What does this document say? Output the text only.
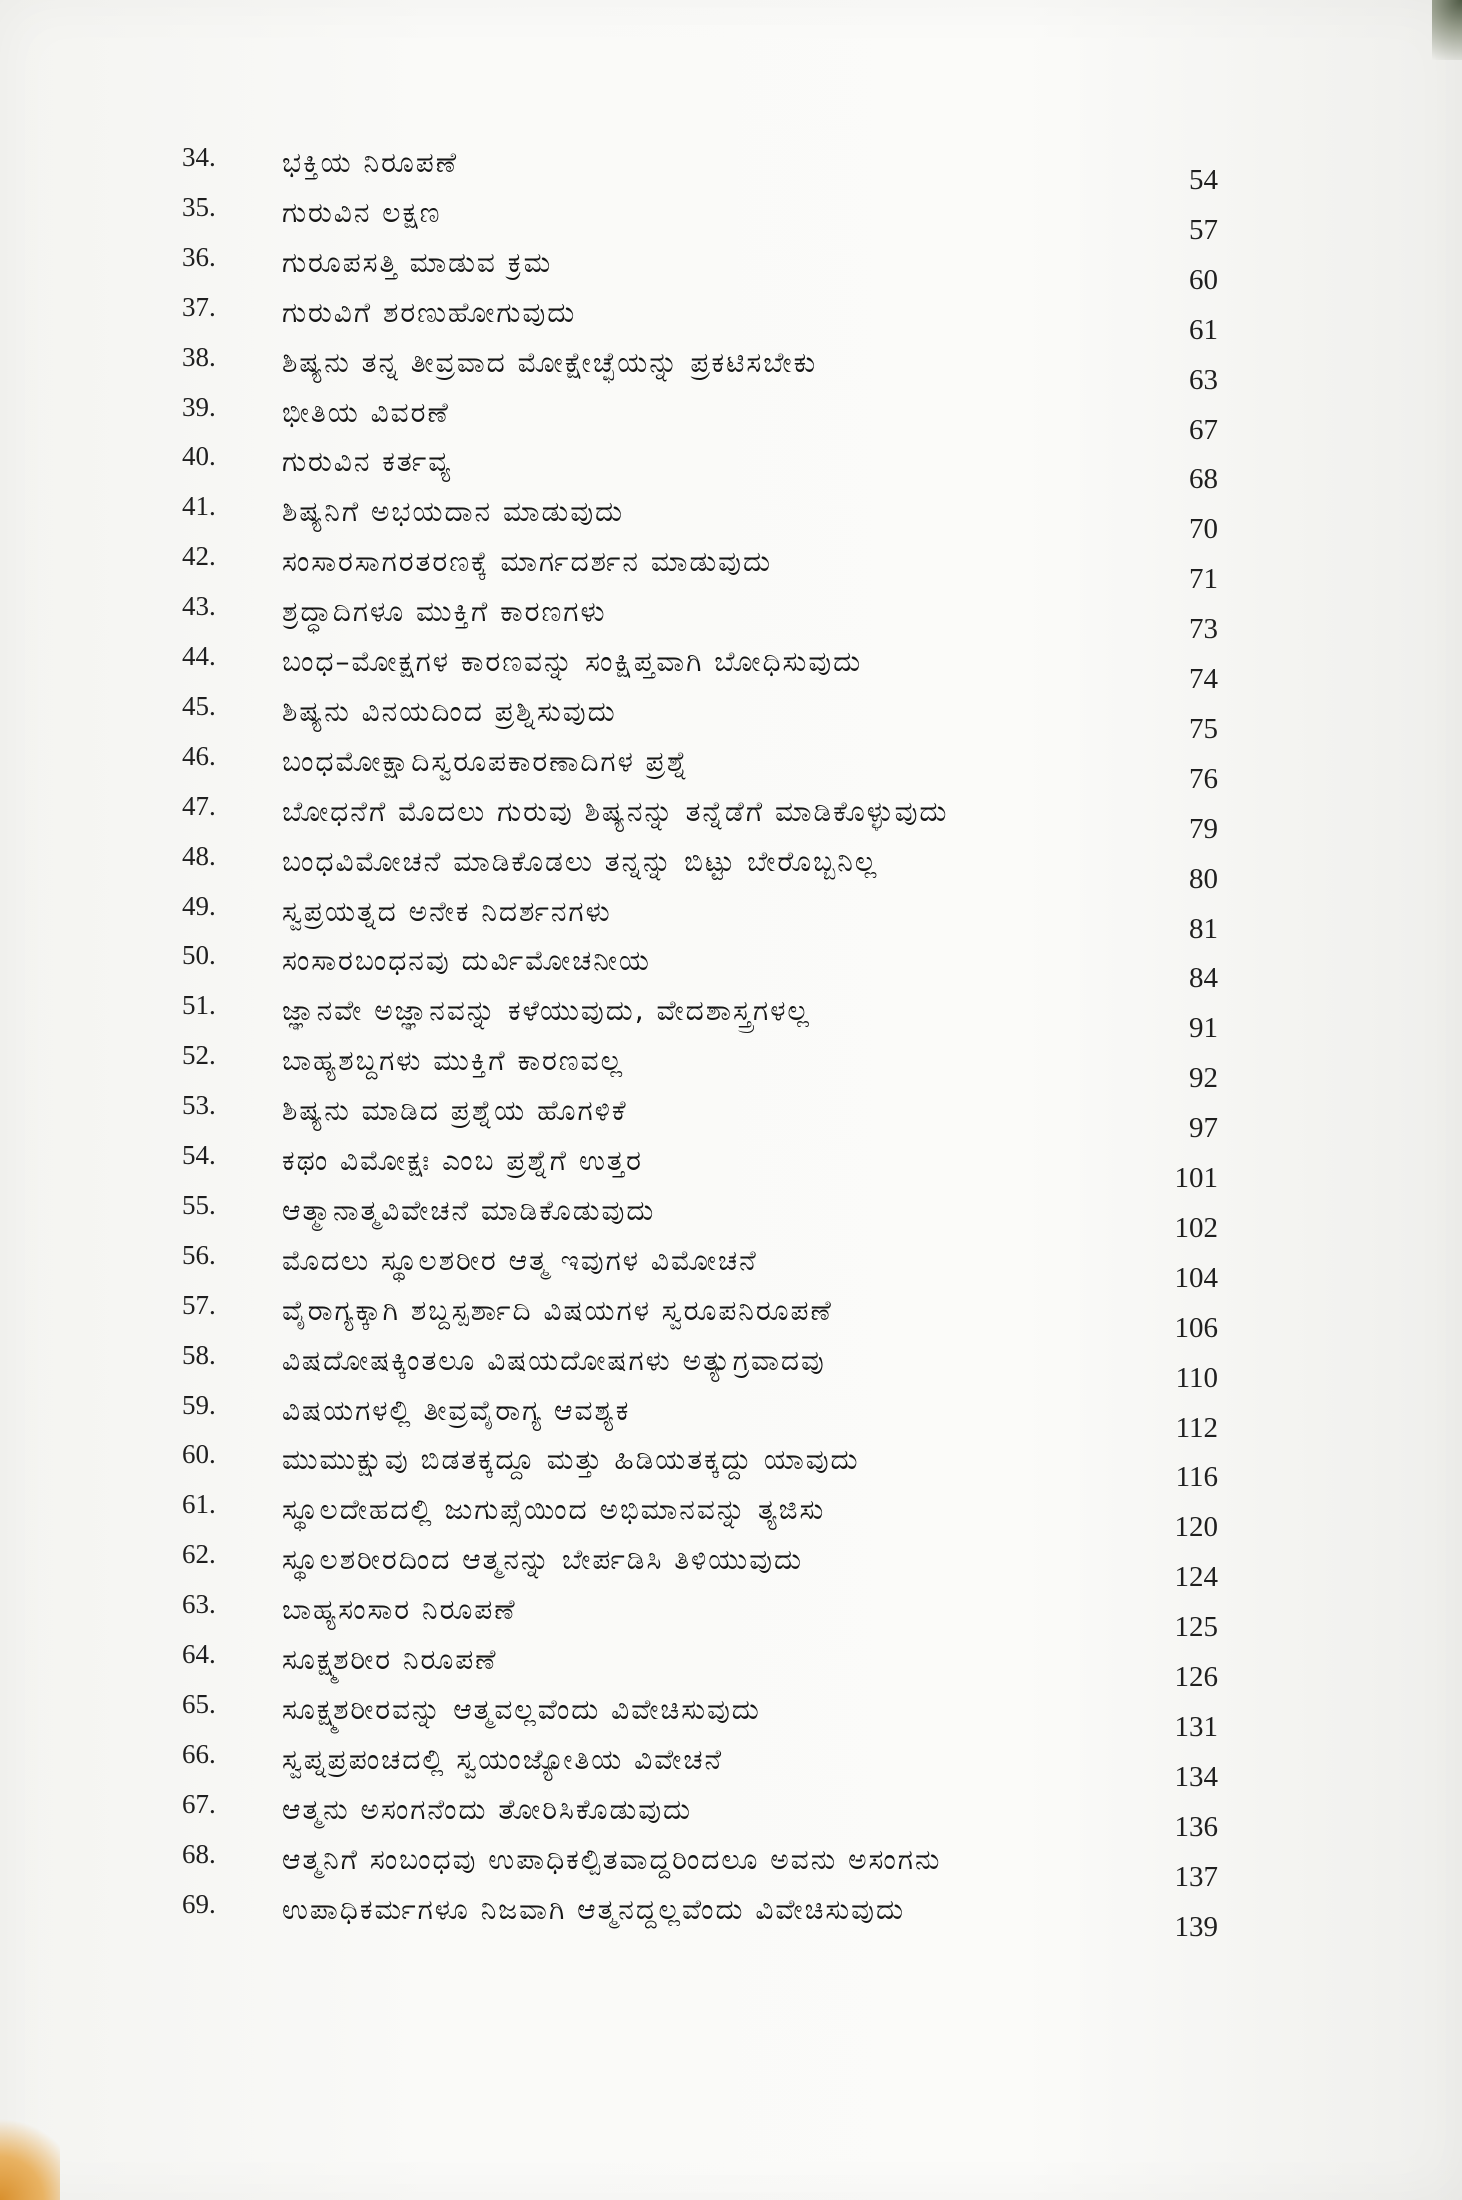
34. ಭಕ್ತಿಯ ನಿರೂಪಣೆ
54
35. ಗುರುವಿನ ಲಕ್ಷಣ
57
36. ಗುರೂಪಸತ್ತಿ ಮಾಡುವ ಕ್ರಮ
60
37. ಗುರುವಿಗೆ ಶರಣುಹೋಗುವುದು
61
38. ಶಿಷ್ಯನು ತನ್ನ ತೀವ್ರವಾದ ಮೋಕ್ಷೇಚ್ಛೆಯನ್ನು ಪ್ರಕಟಿಸಬೇಕು
63
39. ಭೀತಿಯ ವಿವರಣೆ
67
40. ಗುರುವಿನ ಕರ್ತವ್ಯ
68
41. ಶಿಷ್ಯನಿಗೆ ಅಭಯದಾನ ಮಾಡುವುದು
70
42. ಸಂಸಾರಸಾಗರತರಣಕ್ಕೆ ಮಾರ್ಗದರ್ಶನ ಮಾಡುವುದು
71
43. ಶ್ರದ್ಧಾದಿಗಳೂ ಮುಕ್ತಿಗೆ ಕಾರಣಗಳು
73
44. ಬಂಧ–ಮೋಕ್ಷಗಳ ಕಾರಣವನ್ನು ಸಂಕ್ಷಿಪ್ತವಾಗಿ ಬೋಧಿಸುವುದು
74
45. ಶಿಷ್ಯನು ವಿನಯದಿಂದ ಪ್ರಶ್ನಿಸುವುದು
75
46. ಬಂಧಮೋಕ್ಷಾದಿಸ್ವರೂಪಕಾರಣಾದಿಗಳ ಪ್ರಶ್ನೆ
76
47. ಬೋಧನೆಗೆ ಮೊದಲು ಗುರುವು ಶಿಷ್ಯನನ್ನು ತನ್ನೆಡೆಗೆ ಮಾಡಿಕೊಳ್ಳುವುದು
79
48. ಬಂಧವಿಮೋಚನೆ ಮಾಡಿಕೊಡಲು ತನ್ನನ್ನು ಬಿಟ್ಟು ಬೇರೊಬ್ಬನಿಲ್ಲ
80
49. ಸ್ವಪ್ರಯತ್ನದ ಅನೇಕ ನಿದರ್ಶನಗಳು
81
50. ಸಂಸಾರಬಂಧನವು ದುರ್ವಿಮೋಚನೀಯ
84
51. ಜ್ಞಾನವೇ ಅಜ್ಞಾನವನ್ನು ಕಳೆಯುವುದು, ವೇದಶಾಸ್ತ್ರಗಳಲ್ಲ
91
52. ಬಾಹ್ಯಶಬ್ದಗಳು ಮುಕ್ತಿಗೆ ಕಾರಣವಲ್ಲ
92
53. ಶಿಷ್ಯನು ಮಾಡಿದ ಪ್ರಶ್ನೆಯ ಹೊಗಳಿಕೆ
97
54. ಕಥಂ ವಿಮೋಕ್ಷಃ ಎಂಬ ಪ್ರಶ್ನೆಗೆ ಉತ್ತರ
101
55. ಆತ್ಮಾನಾತ್ಮವಿವೇಚನೆ ಮಾಡಿಕೊಡುವುದು
102
56. ಮೊದಲು ಸ್ಥೂಲಶರೀರ ಆತ್ಮ ಇವುಗಳ ವಿಮೋಚನೆ
104
57. ವೈರಾಗ್ಯಕ್ಕಾಗಿ ಶಬ್ದಸ್ಪರ್ಶಾದಿ ವಿಷಯಗಳ ಸ್ವರೂಪನಿರೂಪಣೆ
106
58. ವಿಷದೋಷಕ್ಕಿಂತಲೂ ವಿಷಯದೋಷಗಳು ಅತ್ಯುಗ್ರವಾದವು
110
59. ವಿಷಯಗಳಲ್ಲಿ ತೀವ್ರವೈರಾಗ್ಯ ಆವಶ್ಯಕ
112
60. ಮುಮುಕ್ಷುವು ಬಿಡತಕ್ಕದ್ದೂ ಮತ್ತು ಹಿಡಿಯತಕ್ಕದ್ದು ಯಾವುದು
116
61. ಸ್ಥೂಲದೇಹದಲ್ಲಿ ಜುಗುಪ್ಸೆಯಿಂದ ಅಭಿಮಾನವನ್ನು ತ್ಯಜಿಸು
120
62. ಸ್ಥೂಲಶರೀರದಿಂದ ಆತ್ಮನನ್ನು ಬೇರ್ಪಡಿಸಿ ತಿಳಿಯುವುದು
124
63. ಬಾಹ್ಯಸಂಸಾರ ನಿರೂಪಣೆ
125
64. ಸೂಕ್ಷ್ಮಶರೀರ ನಿರೂಪಣೆ
126
65. ಸೂಕ್ಷ್ಮಶರೀರವನ್ನು ಆತ್ಮವಲ್ಲವೆಂದು ವಿವೇಚಿಸುವುದು
131
66. ಸ್ವಪ್ನಪ್ರಪಂಚದಲ್ಲಿ ಸ್ವಯಂಜ್ಯೋತಿಯ ವಿವೇಚನೆ
134
67. ಆತ್ಮನು ಅಸಂಗನೆಂದು ತೋರಿಸಿಕೊಡುವುದು
136
68. ಆತ್ಮನಿಗೆ ಸಂಬಂಧವು ಉಪಾಧಿಕಲ್ಪಿತವಾದ್ದರಿಂದಲೂ ಅವನು ಅಸಂಗನು
137
69. ಉಪಾಧಿಕರ್ಮಗಳೂ ನಿಜವಾಗಿ ಆತ್ಮನದ್ದಲ್ಲವೆಂದು ವಿವೇಚಿಸುವುದು
139
